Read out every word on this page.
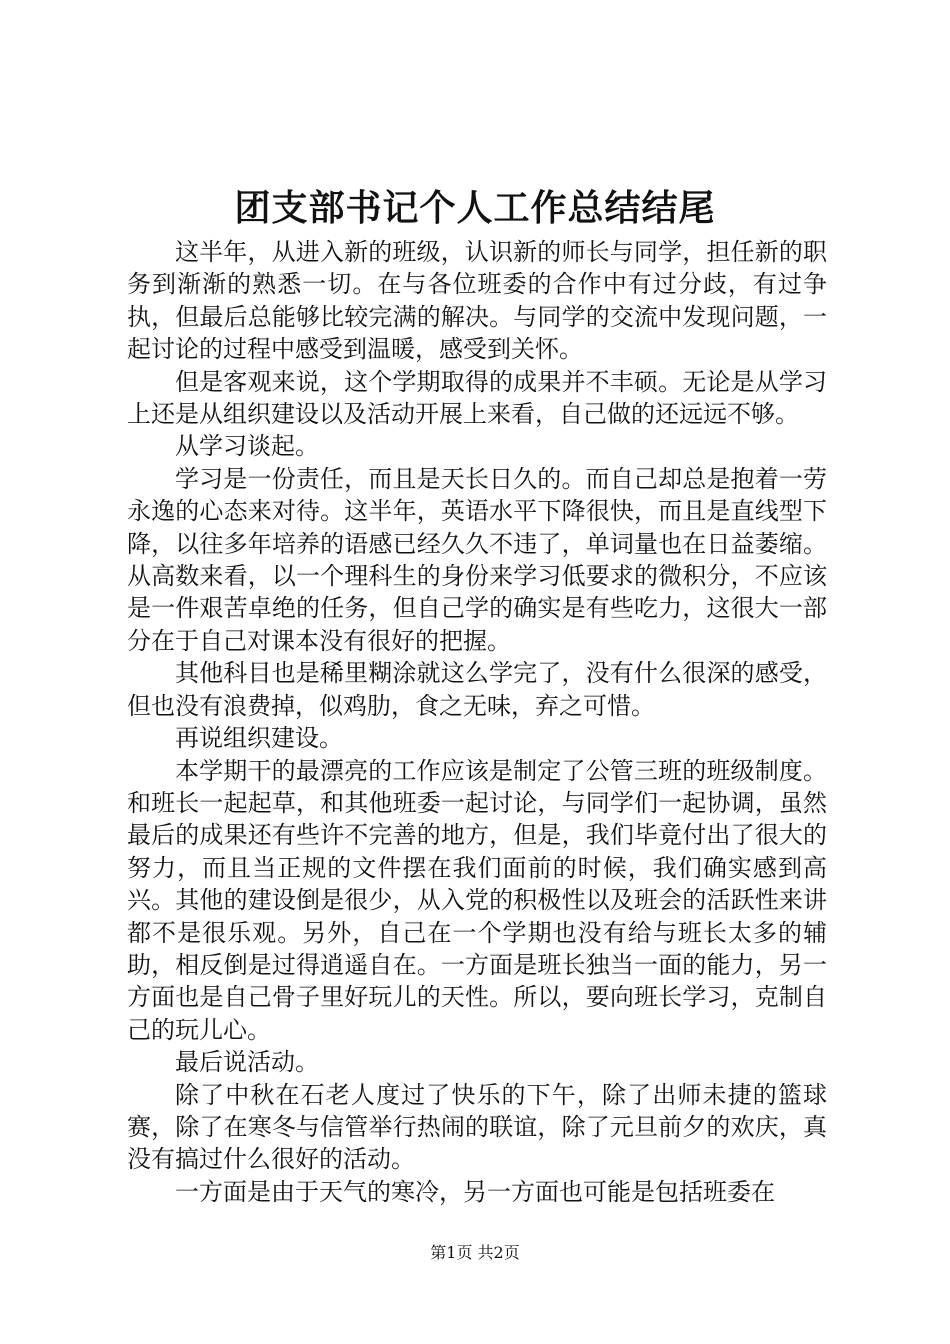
团支部书记个人工作总结结尾

这半年，从进入新的班级，认识新的师长与同学，担任新的职务到渐渐的熟悉一切。在与各位班委的合作中有过分歧，有过争执，但最后总能够比较完满的解决。与同学的交流中发现问题，一起讨论的过程中感受到温暖，感受到关怀。

但是客观来说，这个学期取得的成果并不丰硕。无论是从学习上还是从组织建设以及活动开展上来看，自己做的还远远不够。

从学习谈起。

学习是一份责任，而且是天长日久的。而自己却总是抱着一劳永逸的心态来对待。这半年，英语水平下降很快，而且是直线型下降，以往多年培养的语感已经久久不违了，单词量也在日益萎缩。从高数来看，以一个理科生的身份来学习低要求的微积分，不应该是一件艰苦卓绝的任务，但自己学的确实是有些吃力，这很大一部分在于自己对课本没有很好的把握。

其他科目也是稀里糊涂就这么学完了，没有什么很深的感受，但也没有浪费掉，似鸡肋，食之无味，弃之可惜。

再说组织建设。

本学期干的最漂亮的工作应该是制定了公管三班的班级制度。和班长一起起草，和其他班委一起讨论，与同学们一起协调，虽然最后的成果还有些许不完善的地方，但是，我们毕竟付出了很大的努力，而且当正规的文件摆在我们面前的时候，我们确实感到高兴。其他的建设倒是很少，从入党的积极性以及班会的活跃性来讲都不是很乐观。另外，自己在一个学期也没有给与班长太多的辅助，相反倒是过得逍遥自在。一方面是班长独当一面的能力，另一方面也是自己骨子里好玩儿的天性。所以，要向班长学习，克制自己的玩儿心。

最后说活动。

除了中秋在石老人度过了快乐的下午，除了出师未捷的篮球赛，除了在寒冬与信管举行热闹的联谊，除了元旦前夕的欢庆，真没有搞过什么很好的活动。

一方面是由于天气的寒冷，另一方面也可能是包括班委在

第1页 共2页
